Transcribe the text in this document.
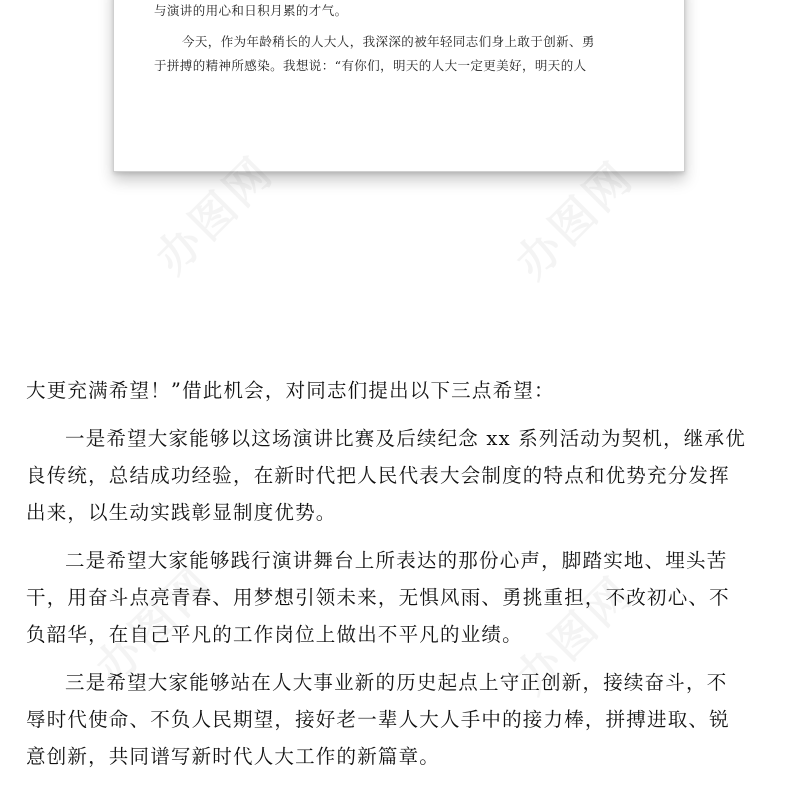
与演讲的用心和日积月累的才气。
今天，作为年龄稍长的人大人，我深深的被年轻同志们身上敢于创新、勇
于拼搏的精神所感染。我想说：“有你们，明天的人大一定更美好，明天的人

大更充满希望！”借此机会，对同志们提出以下三点希望：

一是希望大家能够以这场演讲比赛及后续纪念 xx 系列活动为契机，继承优良传统，总结成功经验，在新时代把人民代表大会制度的特点和优势充分发挥出来，以生动实践彰显制度优势。

二是希望大家能够践行演讲舞台上所表达的那份心声，脚踏实地、埋头苦干，用奋斗点亮青春、用梦想引领未来，无惧风雨、勇挑重担，不改初心、不负韶华，在自己平凡的工作岗位上做出不平凡的业绩。

三是希望大家能够站在人大事业新的历史起点上守正创新，接续奋斗，不辱时代使命、不负人民期望，接好老一辈人大人手中的接力棒，拼搏进取、锐意创新，共同谱写新时代人大工作的新篇章。
